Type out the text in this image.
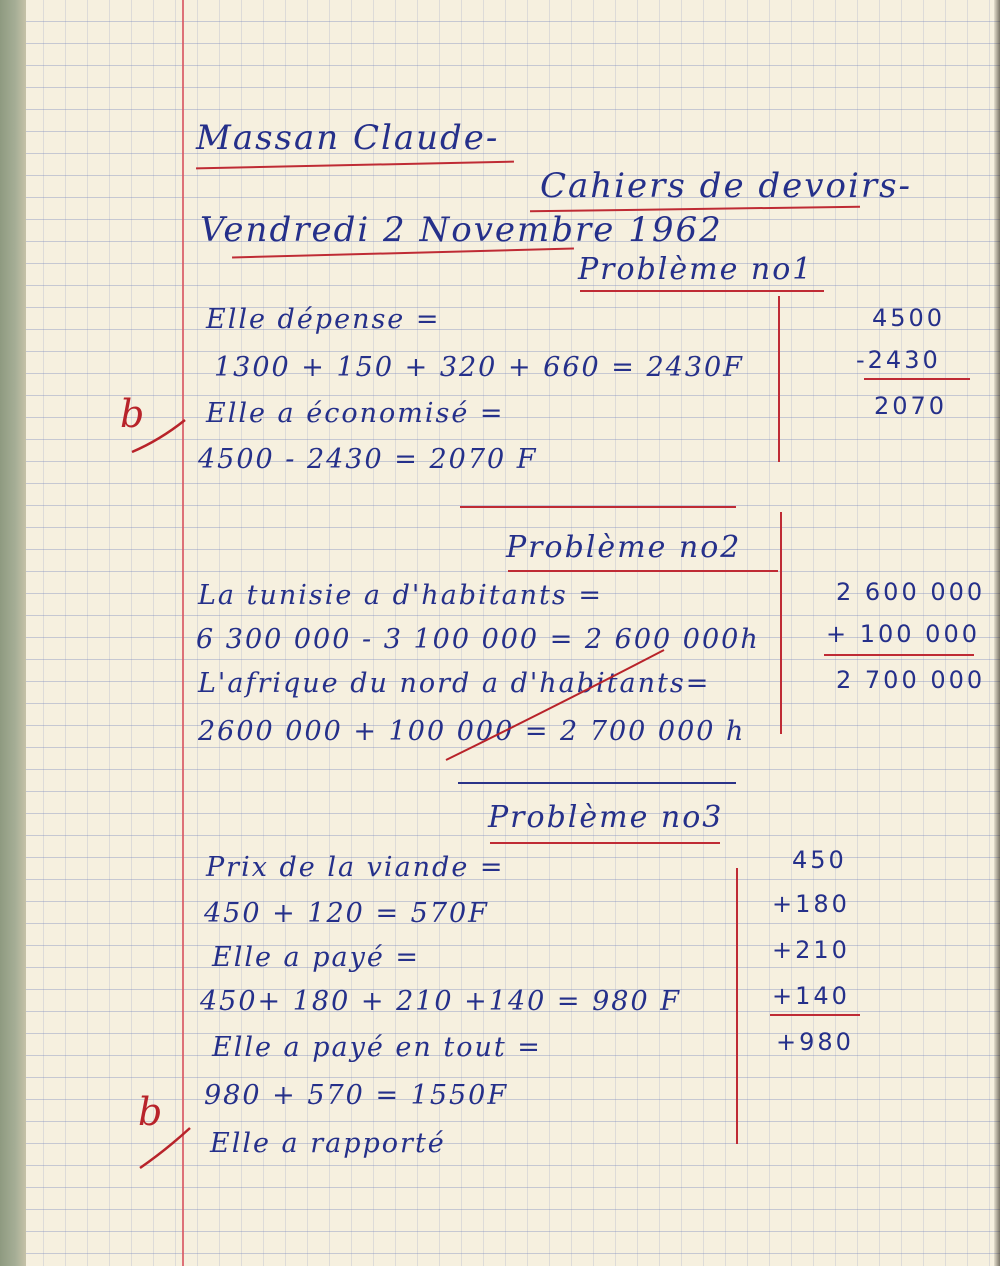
Massan Claude-

Cahiers de devoirs-

Vendredi 2 Novembre 1962

Problème no1

Elle dépense =

1300 + 150 + 320 + 660 = 2430F

Elle a économisé =

4500 - 2430 = 2070 F

b

4500

-2430

2070

Problème no2

La tunisie a d'habitants =

6 300 000 - 3 100 000 = 2 600 000h

L'afrique du nord a d'habitants=

2600 000 + 100 000 = 2 700 000 h

2 600 000

+ 100 000

2 700 000

Problème no3

Prix de la viande =

450 + 120 = 570F

Elle a payé =

450+ 180 + 210 +140 = 980 F

Elle a payé en tout =

980 + 570 = 1550F

Elle a rapporté

b

450

+180

+210

+140

+980
